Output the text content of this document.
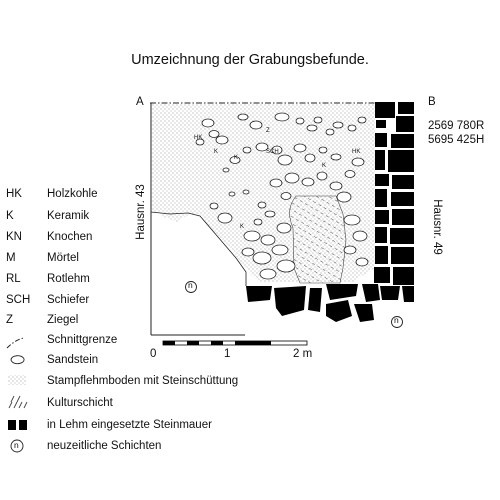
Umzeichnung der Grabungsbefunde.
A	B
2569 780R
5695 425H
Hausnr. 43	Hausnr. 49
K
K
Z
SCH
K
HK
K
HK
n
n
0	1	2 m
HK Holzkohle
K	Keramik
KN Knochen
M	Mörtel
RL Rotlehm
SCH Schiefer
Z	Ziegel
Schnittgrenze
Sandstein
Stampflehmboden mit Steinschüttung
Kulturschicht
in Lehm eingesetzte Steinmauer
n neuzeitliche Schichten
